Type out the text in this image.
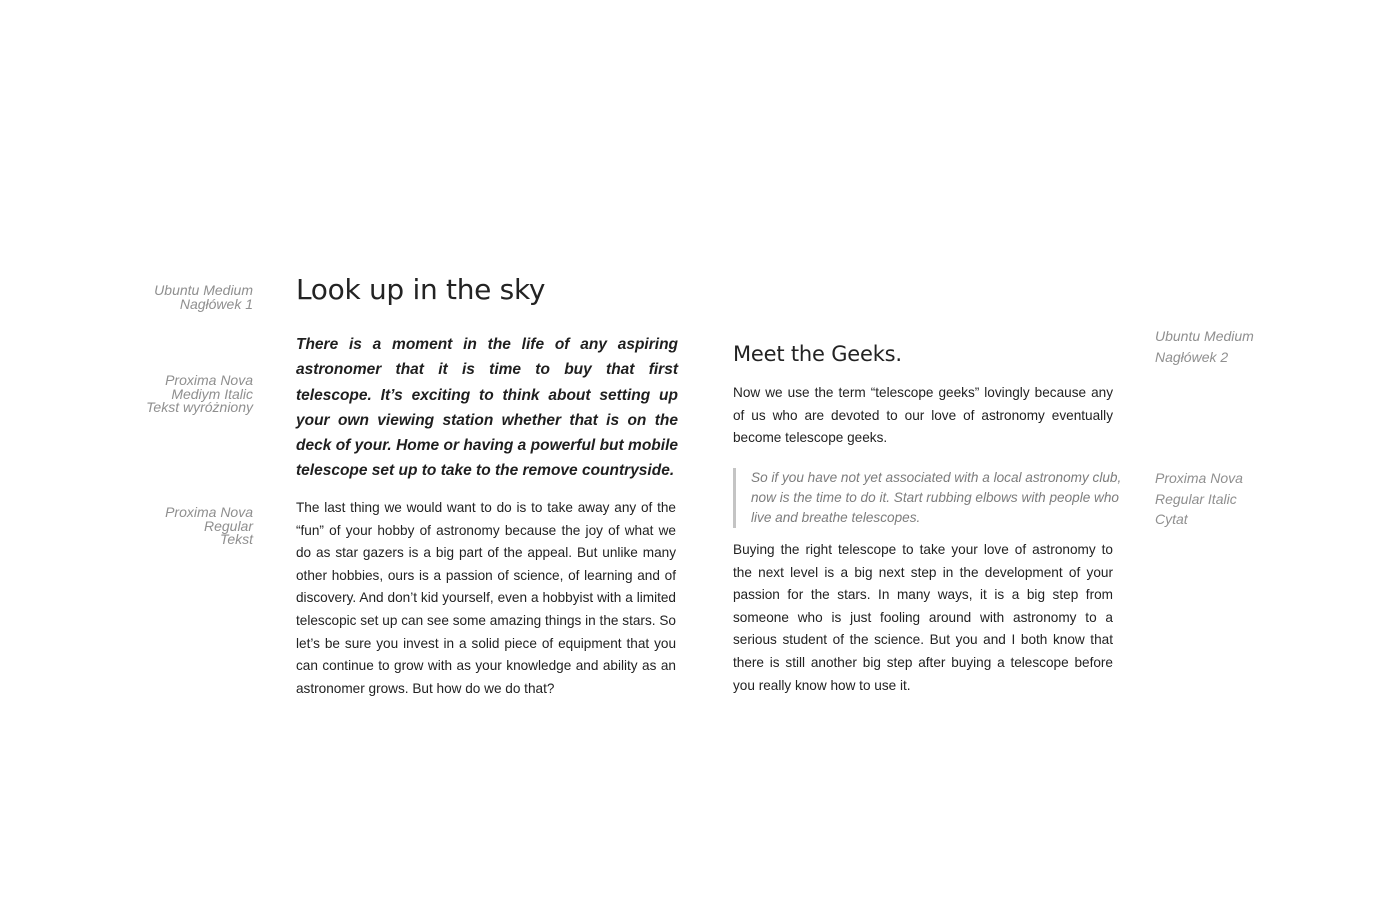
Ubuntu Medium
Nagłówek 1

Proxima Nova
Mediym Italic
Tekst wyróżniony

Proxima Nova
Regular
Tekst

Look up in the sky

There is a moment in the life of any aspiring astronomer that it is time to buy that first telescope. It’s exciting to think about setting up your own viewing station whether that is on the deck of your. Home or having a powerful but mobile telescope set up to take to the remove countryside.

The last thing we would want to do is to take away any of the “fun” of your hobby of astronomy because the joy of what we do as star gazers is a big part of the appeal. But unlike many other hobbies, ours is a passion of science, of learning and of discovery. And don’t kid yourself, even a hobbyist with a limited telescopic set up can see some amazing things in the stars. So let’s be sure you invest in a solid piece of equipment that you can continue to grow with as your knowledge and ability as an astronomer grows. But how do we do that?

Meet the Geeks.

Now we use the term “telescope geeks” lovingly because any of us who are devoted to our love of astronomy eventually become telescope geeks.

So if you have not yet associated with a local astronomy club, now is the time to do it. Start rubbing elbows with people who live and breathe telescopes.

Buying the right telescope to take your love of astronomy to the next level is a big next step in the development of your passion for the stars. In many ways, it is a big step from someone who is just fooling around with astronomy to a serious student of the science. But you and I both know that there is still another big step after buying a telescope before you really know how to use it.

Ubuntu Medium
Nagłówek 2

Proxima Nova
Regular Italic
Cytat
